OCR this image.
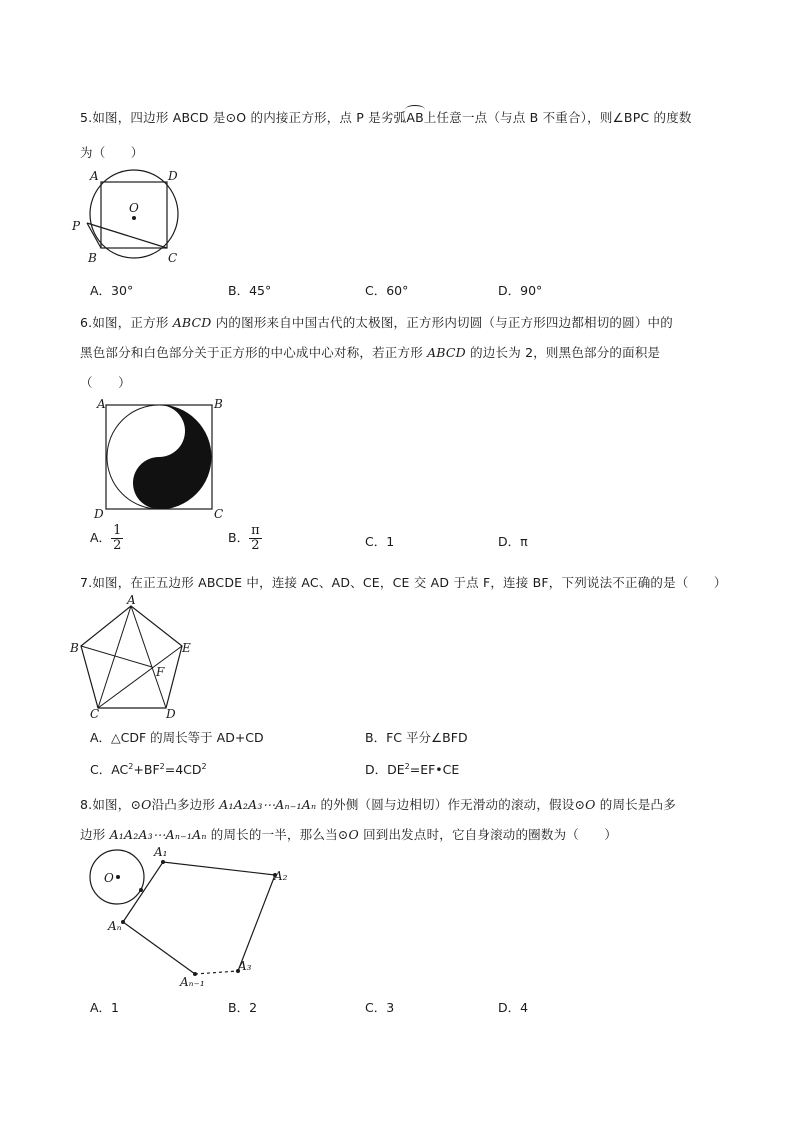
5.如图，四边形 ABCD 是⊙O 的内接正方形，点 P 是劣弧AB上任意一点（与点 B 不重合），则∠BPC 的度数
为（　　）
A	D
O
P
B	C
A．30°	B．45°	C．60°	D．90°
6.如图，正方形 ABCD 内的图形来自中国古代的太极图，正方形内切圆（与正方形四边都相切的圆）中的
黑色部分和白色部分关于正方形的中心成中心对称，若正方形 ABCD 的边长为 2，则黑色部分的面积是
（　　）
A	B
D	C
A． $\frac{1}{2}$	B． $\frac{\pi}{2}$	C．1	D．π
7.如图，在正五边形 ABCDE 中，连接 AC、AD、CE，CE 交 AD 于点 F，连接 BF，下列说法不正确的是（　　）
A
B	E
F
C	D
A．△CDF 的周长等于 AD+CD	B．FC 平分∠BFD
C．$AC^2+BF^2=4CD^2$	D．$DE^2=EF•CE$
8.如图，⊙O沿凸多边形 A₁A₂A₃⋯Aₙ₋₁Aₙ 的外侧（圆与边相切）作无滑动的滚动，假设⊙O 的周长是凸多
边形 A₁A₂A₃⋯Aₙ₋₁Aₙ 的周长的一半，那么当⊙O 回到出发点时，它自身滚动的圈数为（　　）
O
A₁
A₂
Aₙ
Aₙ₋₁
A₃
A．1	B．2	C．3	D．4
